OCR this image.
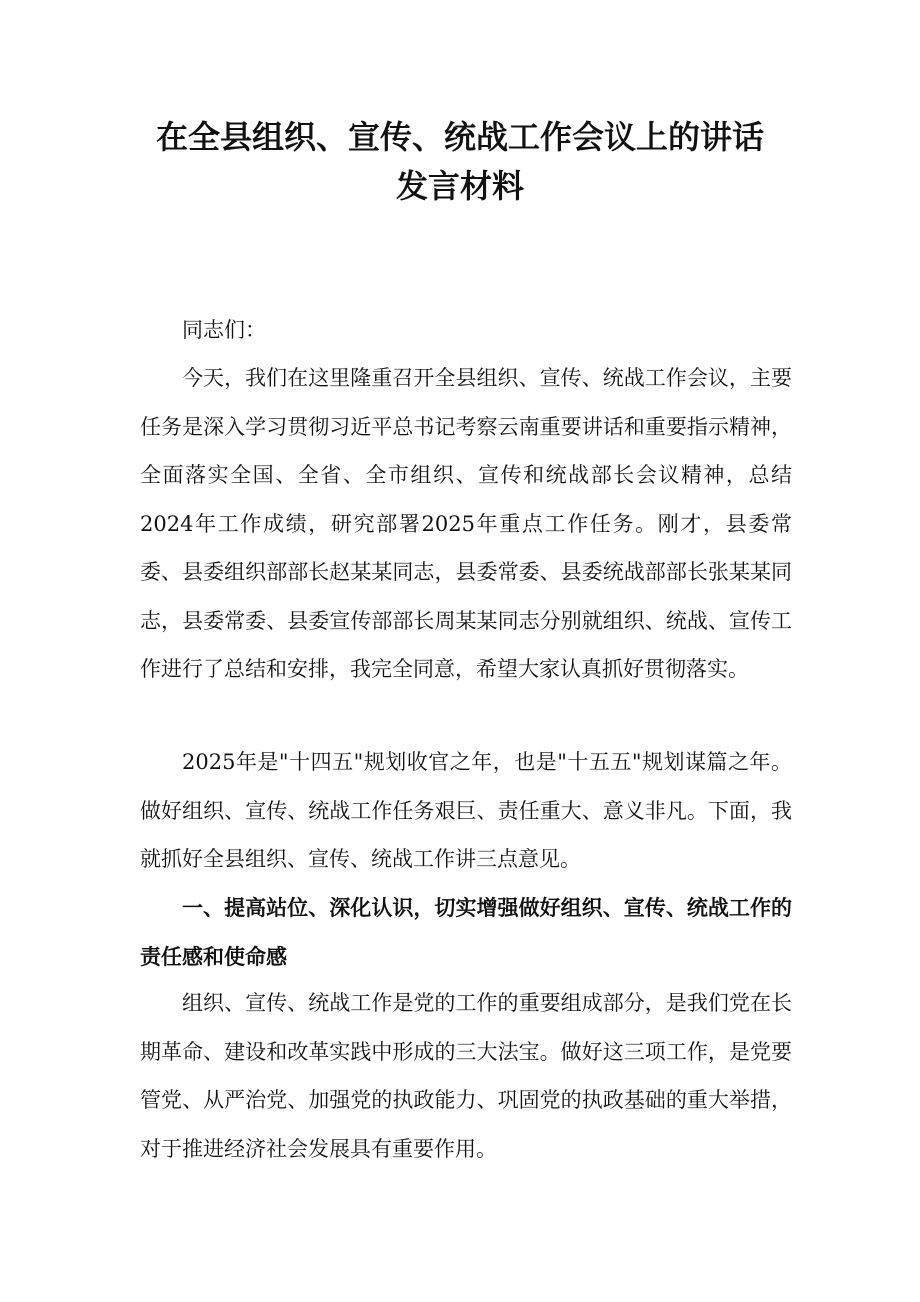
在全县组织、宣传、统战工作会议上的讲话
发言材料

同志们：

今天，我们在这里隆重召开全县组织、宣传、统战工作会议，主要任务是深入学习贯彻习近平总书记考察云南重要讲话和重要指示精神，全面落实全国、全省、全市组织、宣传和统战部长会议精神，总结2024年工作成绩，研究部署2025年重点工作任务。刚才，县委常委、县委组织部部长赵某某同志，县委常委、县委统战部部长张某某同志，县委常委、县委宣传部部长周某某同志分别就组织、统战、宣传工作进行了总结和安排，我完全同意，希望大家认真抓好贯彻落实。

2025年是"十四五"规划收官之年，也是"十五五"规划谋篇之年。做好组织、宣传、统战工作任务艰巨、责任重大、意义非凡。下面，我就抓好全县组织、宣传、统战工作讲三点意见。

一、提高站位、深化认识，切实增强做好组织、宣传、统战工作的责任感和使命感

组织、宣传、统战工作是党的工作的重要组成部分，是我们党在长期革命、建设和改革实践中形成的三大法宝。做好这三项工作，是党要管党、从严治党、加强党的执政能力、巩固党的执政基础的重大举措，对于推进经济社会发展具有重要作用。
